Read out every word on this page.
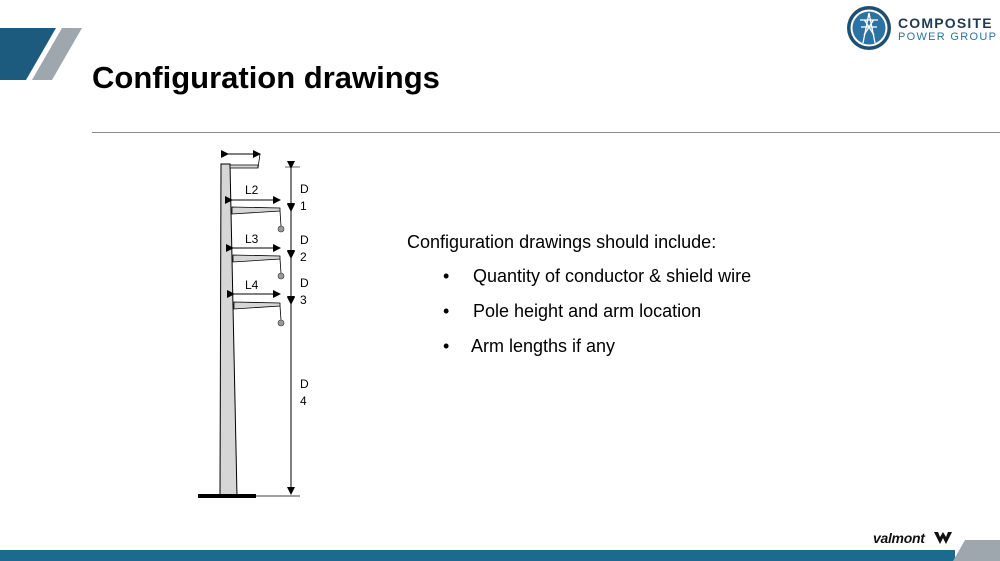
COMPOSITE
POWER GROUP
Configuration drawings
L2
L3
L4
D
1
D
2
D
3
D
4
Configuration drawings should include:
• Quantity of conductor & shield wire
• Pole height and arm location
• Arm lengths if any
valmont
